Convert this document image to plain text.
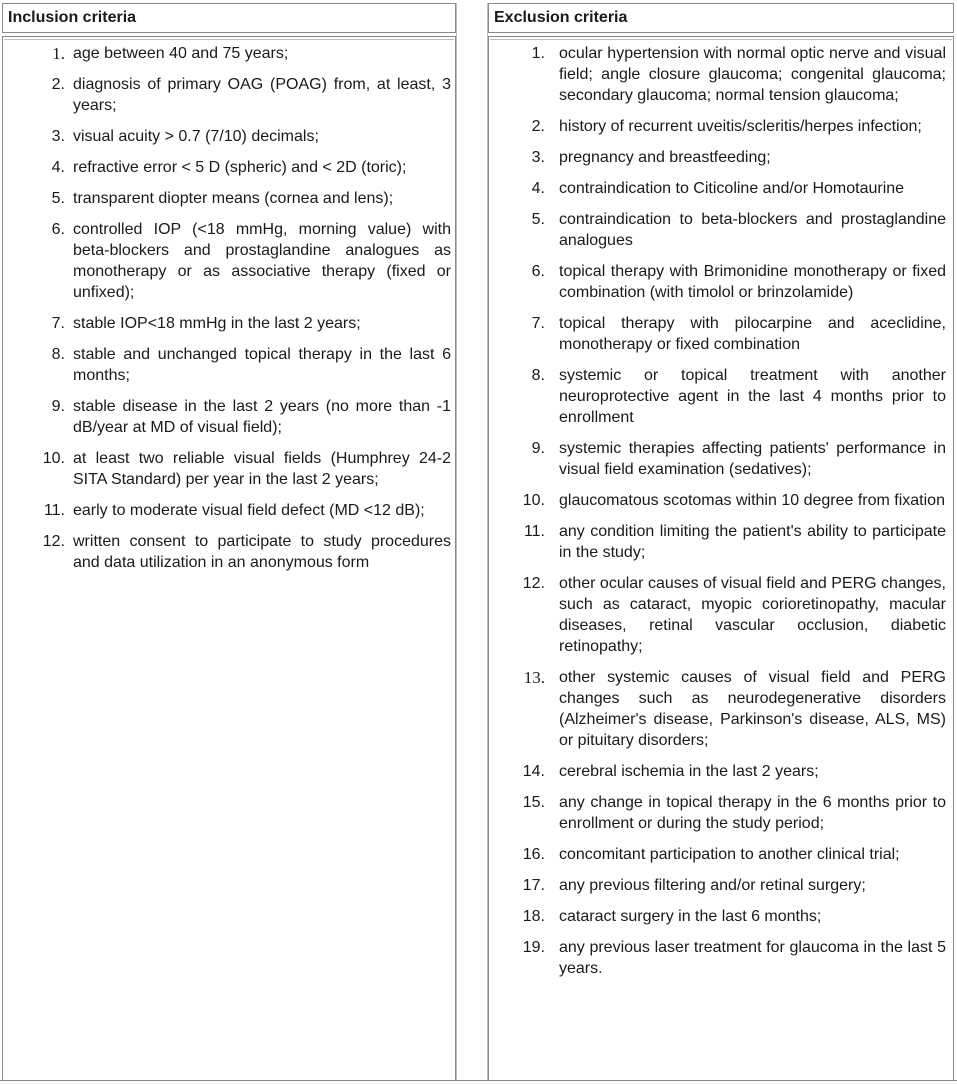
Inclusion criteria
1. age between 40 and 75 years;
2. diagnosis of primary OAG (POAG) from, at least, 3 years;
3. visual acuity > 0.7 (7/10) decimals;
4. refractive error < 5 D (spheric) and < 2D (toric);
5. transparent diopter means (cornea and lens);
6. controlled IOP (<18 mmHg, morning value) with beta-blockers and prostaglandine analogues as monotherapy or as associative therapy (fixed or unfixed);
7. stable IOP<18 mmHg in the last 2 years;
8. stable and unchanged topical therapy in the last 6 months;
9. stable disease in the last 2 years (no more than -1 dB/year at MD of visual field);
10. at least two reliable visual fields (Humphrey 24-2 SITA Standard) per year in the last 2 years;
11. early to moderate visual field defect (MD <12 dB);
12. written consent to participate to study procedures and data utilization in an anonymous form
Exclusion criteria
1. ocular hypertension with normal optic nerve and visual field; angle closure glaucoma; congenital glaucoma; secondary glaucoma; normal tension glaucoma;
2. history of recurrent uveitis/scleritis/herpes infection;
3. pregnancy and breastfeeding;
4. contraindication to Citicoline and/or Homotaurine
5. contraindication to beta-blockers and prostaglandine analogues
6. topical therapy with Brimonidine monotherapy or fixed combination (with timolol or brinzolamide)
7. topical therapy with pilocarpine and aceclidine, monotherapy or fixed combination
8. systemic or topical treatment with another neuroprotective agent in the last 4 months prior to enrollment
9. systemic therapies affecting patients' performance in visual field examination (sedatives);
10. glaucomatous scotomas within 10 degree from fixation
11. any condition limiting the patient's ability to participate in the study;
12. other ocular causes of visual field and PERG changes, such as cataract, myopic corioretinopathy, macular diseases, retinal vascular occlusion, diabetic retinopathy;
13. other systemic causes of visual field and PERG changes such as neurodegenerative disorders (Alzheimer's disease, Parkinson's disease, ALS, MS) or pituitary disorders;
14. cerebral ischemia in the last 2 years;
15. any change in topical therapy in the 6 months prior to enrollment or during the study period;
16. concomitant participation to another clinical trial;
17. any previous filtering and/or retinal surgery;
18. cataract surgery in the last 6 months;
19. any previous laser treatment for glaucoma in the last 5 years.
